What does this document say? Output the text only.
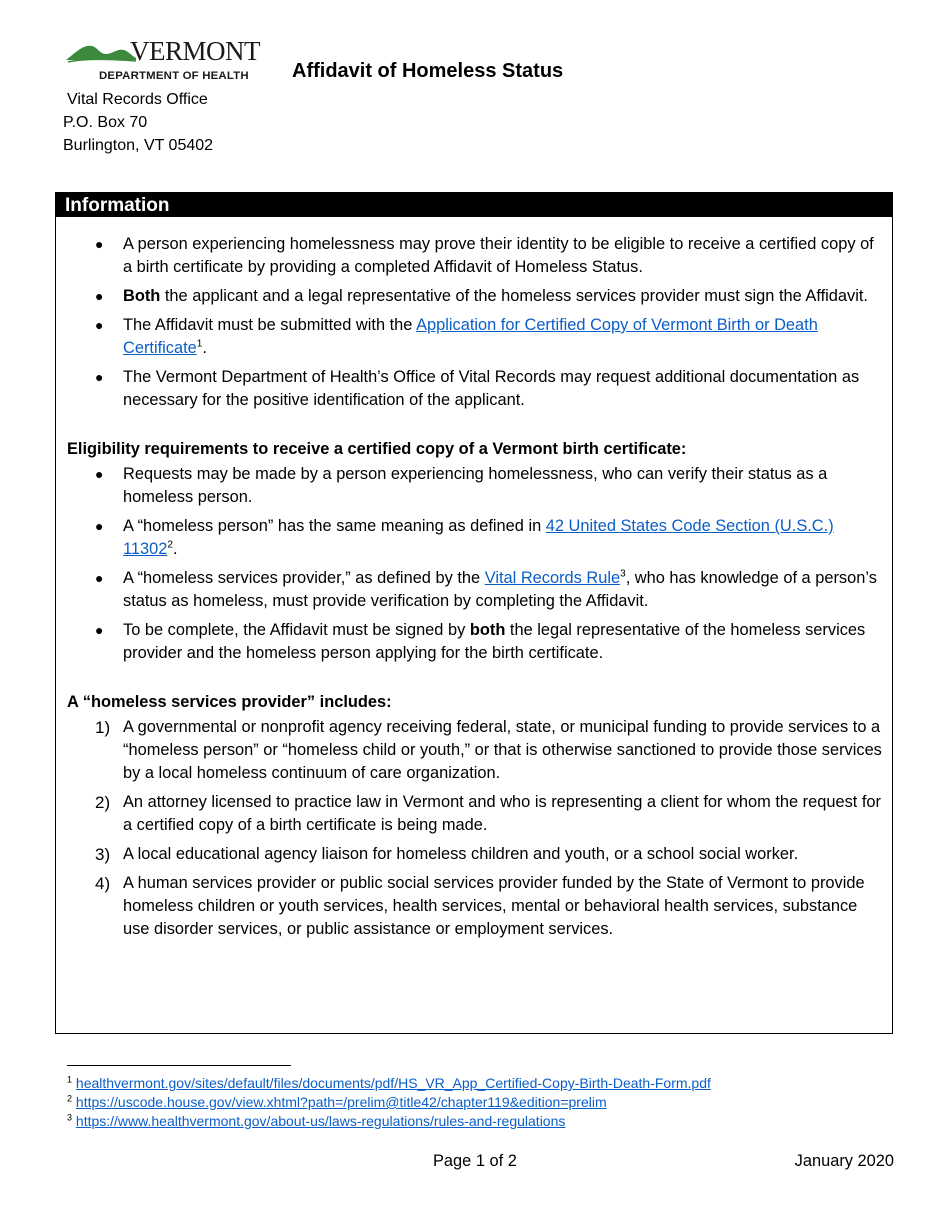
VERMONT
DEPARTMENT OF HEALTH
Vital Records Office
P.O. Box 70
Burlington, VT 05402
Affidavit of Homeless Status
Information
● A person experiencing homelessness may prove their identity to be eligible to receive a certified copy of a birth certificate by providing a completed Affidavit of Homeless Status.
● Both the applicant and a legal representative of the homeless services provider must sign the Affidavit.
● The Affidavit must be submitted with the Application for Certified Copy of Vermont Birth or Death Certificate$^1$.
● The Vermont Department of Health’s Office of Vital Records may request additional documentation as necessary for the positive identification of the applicant.
Eligibility requirements to receive a certified copy of a Vermont birth certificate:
● Requests may be made by a person experiencing homelessness, who can verify their status as a homeless person.
● A “homeless person” has the same meaning as defined in 42 United States Code Section (U.S.C.) 11302$^2$.
● A “homeless services provider,” as defined by the Vital Records Rule$^3$, who has knowledge of a person’s status as homeless, must provide verification by completing the Affidavit.
● To be complete, the Affidavit must be signed by both the legal representative of the homeless services provider and the homeless person applying for the birth certificate.
A “homeless services provider” includes:
1) A governmental or nonprofit agency receiving federal, state, or municipal funding to provide services to a “homeless person” or “homeless child or youth,” or that is otherwise sanctioned to provide those services by a local homeless continuum of care organization.
2) An attorney licensed to practice law in Vermont and who is representing a client for whom the request for a certified copy of a birth certificate is being made.
3) A local educational agency liaison for homeless children and youth, or a school social worker.
4) A human services provider or public social services provider funded by the State of Vermont to provide homeless children or youth services, health services, mental or behavioral health services, substance use disorder services, or public assistance or employment services.
$^1$ healthvermont.gov/sites/default/files/documents/pdf/HS_VR_App_Certified-Copy-Birth-Death-Form.pdf
$^2$ https://uscode.house.gov/view.xhtml?path=/prelim@title42/chapter119&edition=prelim
$^3$ https://www.healthvermont.gov/about-us/laws-regulations/rules-and-regulations
Page 1 of 2	January 2020
